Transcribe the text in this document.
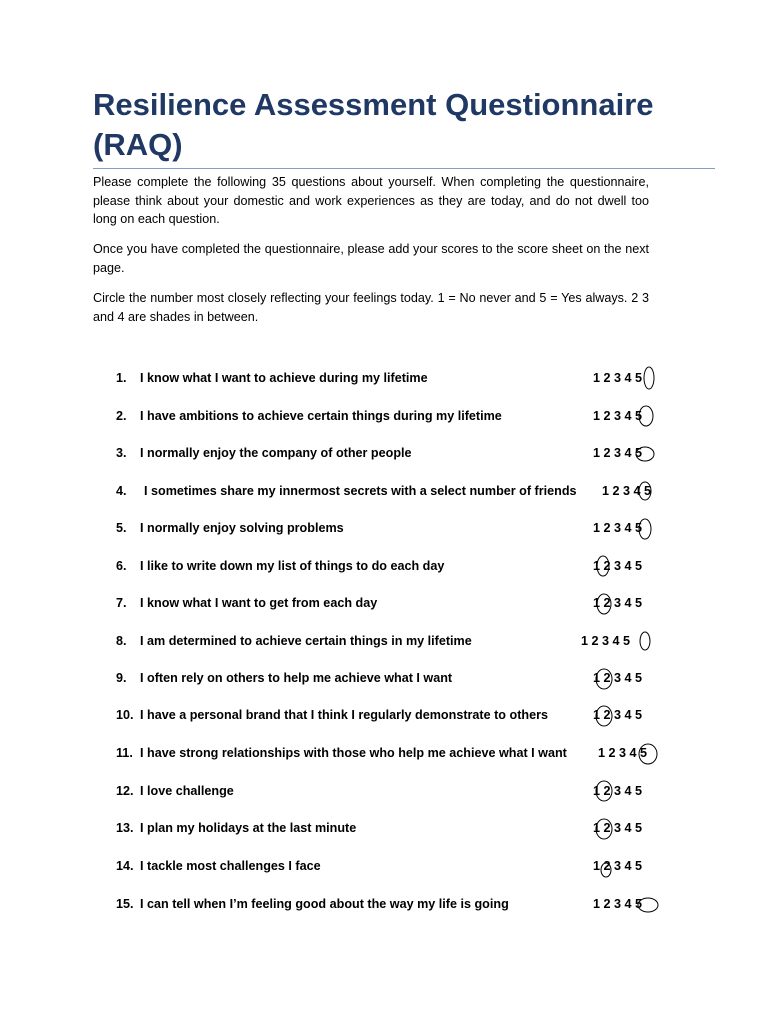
Resilience Assessment Questionnaire (RAQ)

Please complete the following 35 questions about yourself. When completing the questionnaire, please think about your domestic and work experiences as they are today, and do not dwell too long on each question.

Once you have completed the questionnaire, please add your scores to the score sheet on the next page.

Circle the number most closely reflecting your feelings today. 1 = No never and 5 = Yes always. 2 3 and 4 are shades in between.

1. I know what I want to achieve during my lifetime	1 2 3 4 5
2. I have ambitions to achieve certain things during my lifetime	1 2 3 4 5
3. I normally enjoy the company of other people	1 2 3 4 5
4. I sometimes share my innermost secrets with a select number of friends 1 2 3 4 5
5. I normally enjoy solving problems	1 2 3 4 5
6. I like to write down my list of things to do each day	1 2 3 4 5
7. I know what I want to get from each day	1 2 3 4 5
8. I am determined to achieve certain things in my lifetime	1 2 3 4 5
9. I often rely on others to help me achieve what I want	1 2 3 4 5
10. I have a personal brand that I think I regularly demonstrate to others	1 2 3 4 5
11. I have strong relationships with those who help me achieve what I want 1 2 3 4 5
12. I love challenge	1 2 3 4 5
13. I plan my holidays at the last minute	1 2 3 4 5
14. I tackle most challenges I face	1 2 3 4 5
15. I can tell when I’m feeling good about the way my life is going	1 2 3 4 5
